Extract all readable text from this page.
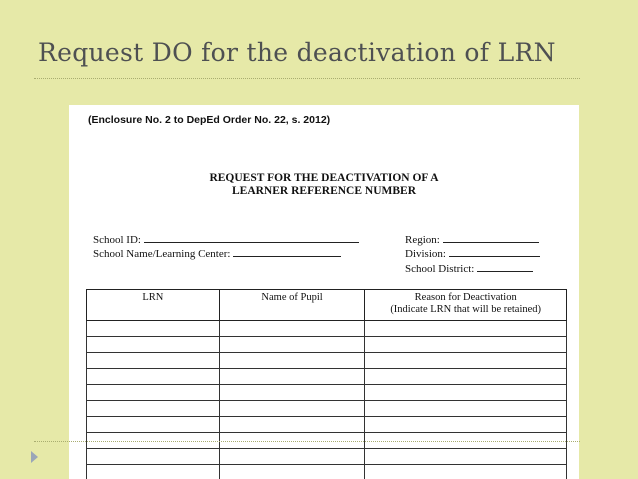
Request DO for the deactivation of LRN
(Enclosure No. 2 to DepEd Order No. 22, s. 2012)
REQUEST FOR THE DEACTIVATION OF A
LEARNER REFERENCE NUMBER
School ID:
School Name/Learning Center:
Region:
Division:
School District:
LRN	Name of Pupil	Reason for Deactivation
(Indicate LRN that will be retained)
